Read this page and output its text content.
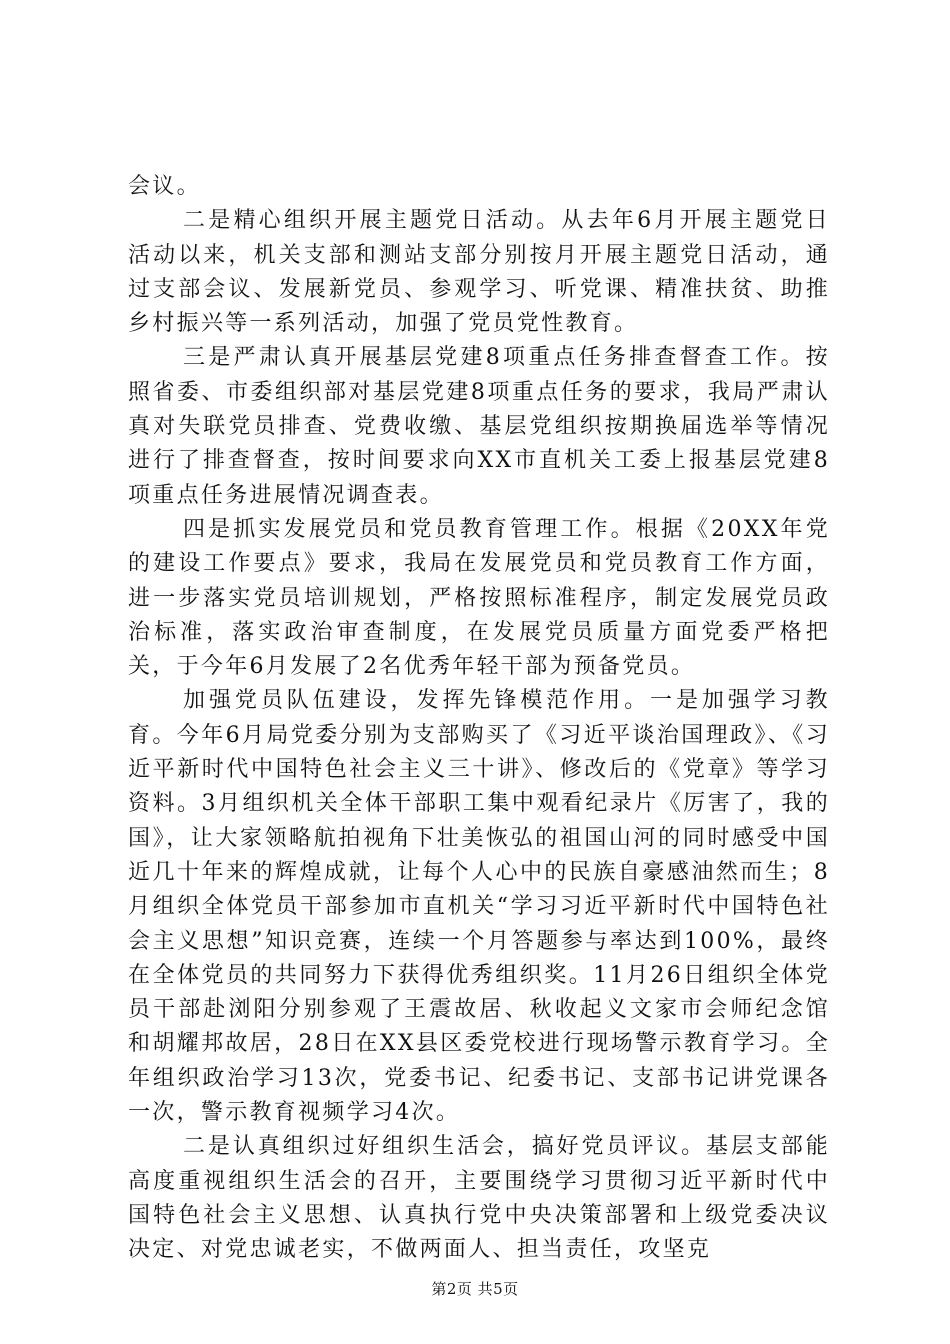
会议。

二是精心组织开展主题党日活动。从去年6月开展主题党日活动以来，机关支部和测站支部分别按月开展主题党日活动，通过支部会议、发展新党员、参观学习、听党课、精准扶贫、助推乡村振兴等一系列活动，加强了党员党性教育。

三是严肃认真开展基层党建8项重点任务排查督查工作。按照省委、市委组织部对基层党建8项重点任务的要求，我局严肃认真对失联党员排查、党费收缴、基层党组织按期换届选举等情况进行了排查督查，按时间要求向XX市直机关工委上报基层党建8项重点任务进展情况调查表。

四是抓实发展党员和党员教育管理工作。根据《20XX年党的建设工作要点》要求，我局在发展党员和党员教育工作方面，进一步落实党员培训规划，严格按照标准程序，制定发展党员政治标准，落实政治审查制度，在发展党员质量方面党委严格把关，于今年6月发展了2名优秀年轻干部为预备党员。

加强党员队伍建设，发挥先锋模范作用。一是加强学习教育。今年6月局党委分别为支部购买了《习近平谈治国理政》、《习近平新时代中国特色社会主义三十讲》、修改后的《党章》等学习资料。3月组织机关全体干部职工集中观看纪录片《厉害了，我的国》，让大家领略航拍视角下壮美恢弘的祖国山河的同时感受中国近几十年来的辉煌成就，让每个人心中的民族自豪感油然而生；8月组织全体党员干部参加市直机关“学习习近平新时代中国特色社会主义思想”知识竞赛，连续一个月答题参与率达到100%，最终在全体党员的共同努力下获得优秀组织奖。11月26日组织全体党员干部赴浏阳分别参观了王震故居、秋收起义文家市会师纪念馆和胡耀邦故居，28日在XX县区委党校进行现场警示教育学习。全年组织政治学习13次，党委书记、纪委书记、支部书记讲党课各一次，警示教育视频学习4次。

二是认真组织过好组织生活会，搞好党员评议。基层支部能高度重视组织生活会的召开，主要围绕学习贯彻习近平新时代中国特色社会主义思想、认真执行党中央决策部署和上级党委决议决定、对党忠诚老实，不做两面人、担当责任，攻坚克

第2页 共5页
